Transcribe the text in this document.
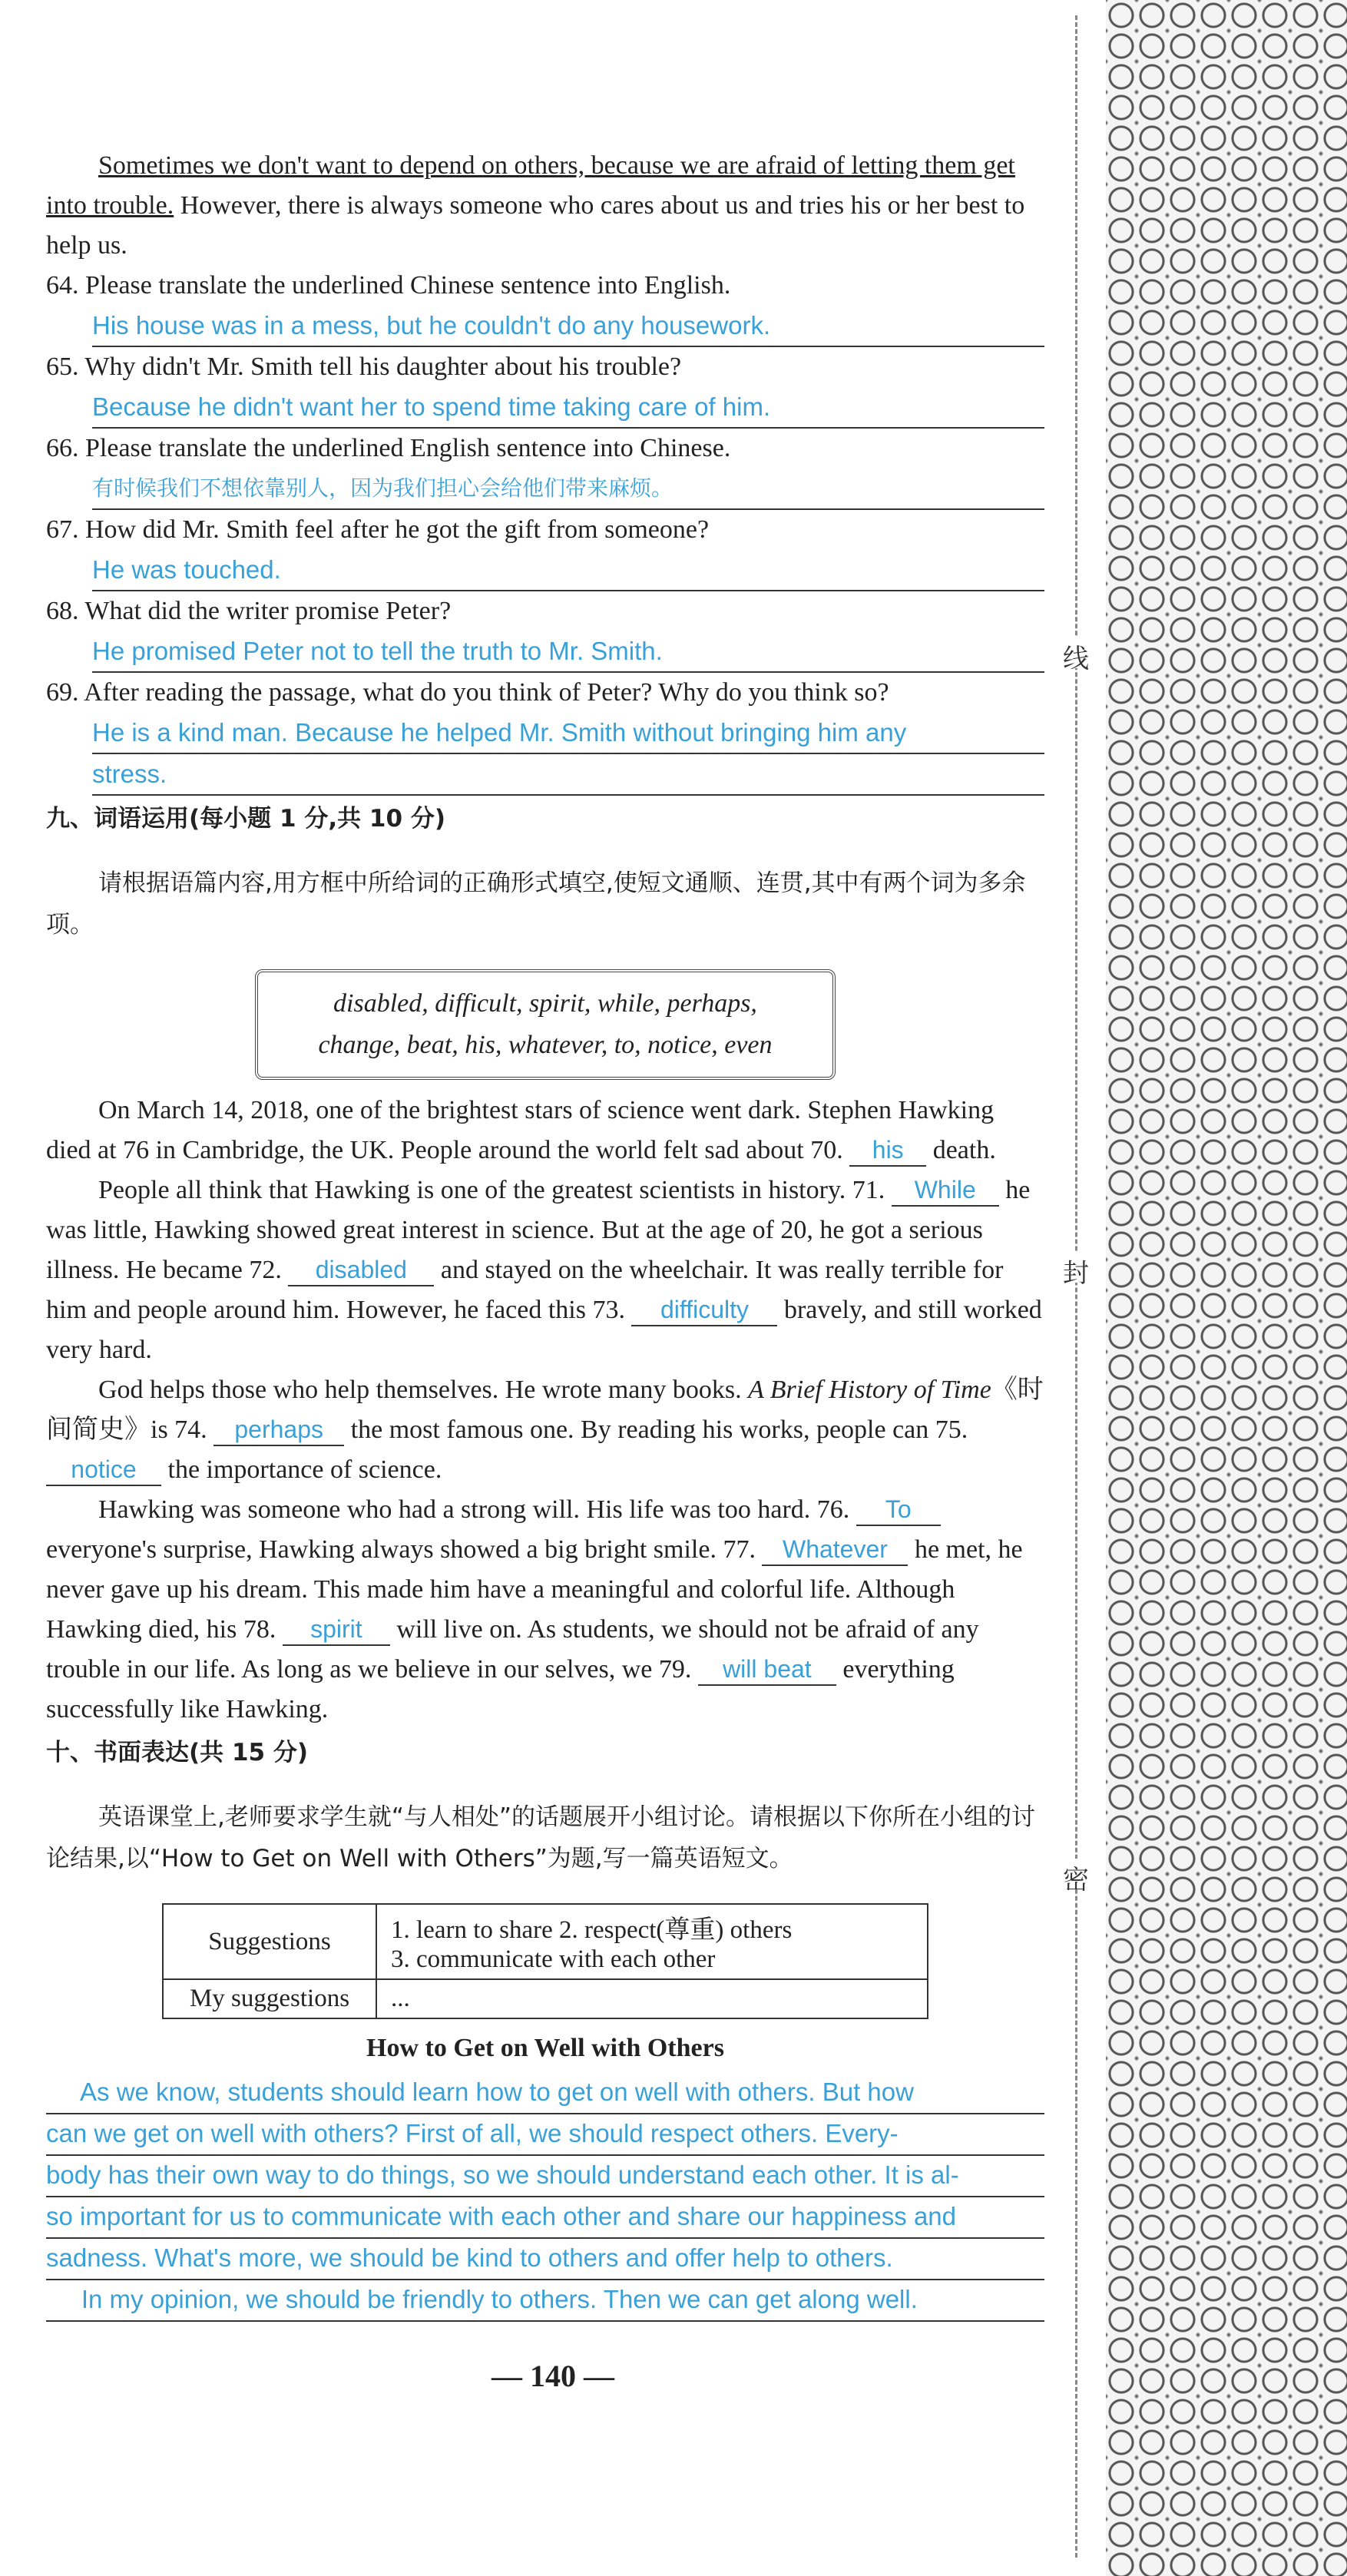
线
封
密

Sometimes we don't want to depend on others, because we are afraid of letting them get into trouble. However, there is always someone who cares about us and tries his or her best to help us.

64. Please translate the underlined Chinese sentence into English.

His house was in a mess, but he couldn't do any housework.

65. Why didn't Mr. Smith tell his daughter about his trouble?

Because he didn't want her to spend time taking care of him.

66. Please translate the underlined English sentence into Chinese.

有时候我们不想依靠别人，因为我们担心会给他们带来麻烦。

67. How did Mr. Smith feel after he got the gift from someone?

He was touched.

68. What did the writer promise Peter?

He promised Peter not to tell the truth to Mr. Smith.

69. After reading the passage, what do you think of Peter? Why do you think so?

He is a kind man. Because he helped Mr. Smith without bringing him any
stress.

九、词语运用(每小题 1 分,共 10 分)

请根据语篇内容,用方框中所给词的正确形式填空,使短文通顺、连贯,其中有两个词为多余项。

disabled, difficult, spirit, while, perhaps,
change, beat, his, whatever, to, notice, even

On March 14, 2018, one of the brightest stars of science went dark. Stephen Hawking died at 76 in Cambridge, the UK. People around the world felt sad about 70. his death.

People all think that Hawking is one of the greatest scientists in history. 71. While he was little, Hawking showed great interest in science. But at the age of 20, he got a serious illness. He became 72. disabled and stayed on the wheelchair. It was really terrible for him and people around him. However, he faced this 73. difficulty bravely, and still worked very hard.

God helps those who help themselves. He wrote many books. A Brief History of Time《时间简史》is 74. perhaps the most famous one. By reading his works, people can 75. notice the importance of science.

Hawking was someone who had a strong will. His life was too hard. 76. To everyone's surprise, Hawking always showed a big bright smile. 77. Whatever he met, he never gave up his dream. This made him have a meaningful and colorful life. Although Hawking died, his 78. spirit will live on. As students, we should not be afraid of any trouble in our life. As long as we believe in our selves, we 79. will beat everything successfully like Hawking.

十、书面表达(共 15 分)

英语课堂上,老师要求学生就“与人相处”的话题展开小组讨论。请根据以下你所在小组的讨论结果,以“How to Get on Well with Others”为题,写一篇英语短文。

Suggestions	1. learn to share 2. respect(尊重) others
3. communicate with each other

My suggestions	...
How to Get on Well with Others
As we know, students should learn how to get on well with others. But how
can we get on well with others? First of all, we should respect others. Every-
body has their own way to do things, so we should understand each other. It is al-
so important for us to communicate with each other and share our happiness and
sadness. What's more, we should be kind to others and offer help to others.
In my opinion, we should be friendly to others. Then we can get along well.
— 140 —
